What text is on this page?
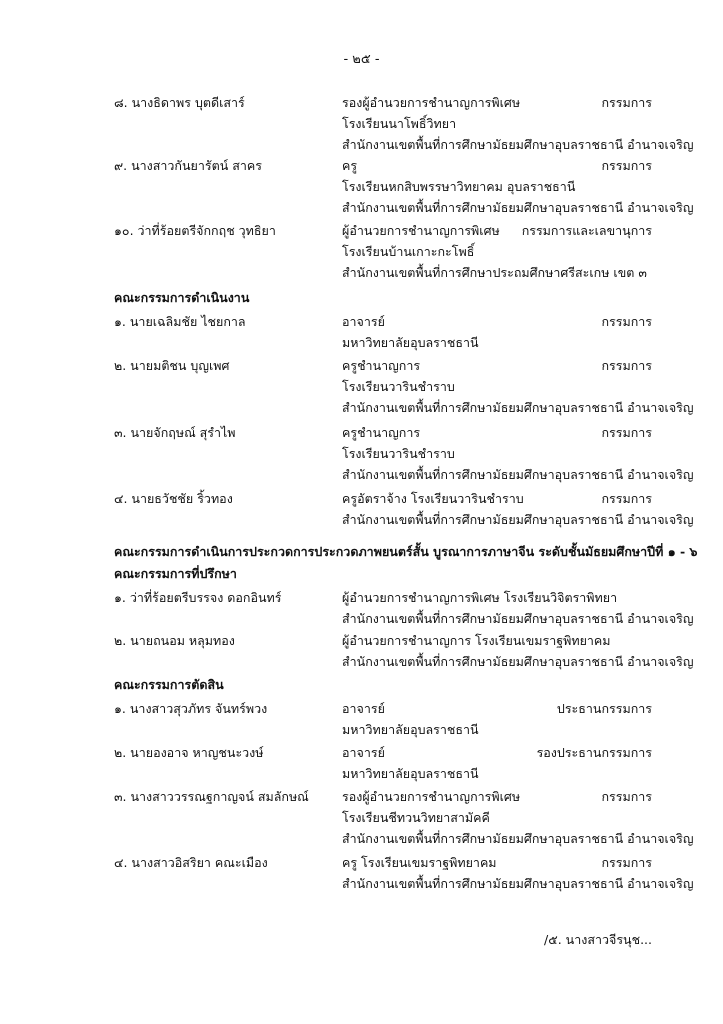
- ๒๕ -
๘. นางธิดาพร บุตดีเสาร์	รองผู้อำนวยการชำนาญการพิเศษ	กรรมการ
โรงเรียนนาโพธิ์วิทยา
สำนักงานเขตพื้นที่การศึกษามัธยมศึกษาอุบลราชธานี อำนาจเจริญ
๙. นางสาวกันยารัตน์ สาคร	ครู	กรรมการ
โรงเรียนหกสิบพรรษาวิทยาคม อุบลราชธานี
สำนักงานเขตพื้นที่การศึกษามัธยมศึกษาอุบลราชธานี อำนาจเจริญ
๑๐. ว่าที่ร้อยตรีจักกฤช วุทธิยา	ผู้อำนวยการชำนาญการพิเศษ	กรรมการและเลขานุการ
โรงเรียนบ้านเกาะกะโพธิ์
สำนักงานเขตพื้นที่การศึกษาประถมศึกษาศรีสะเกษ เขต ๓
คณะกรรมการดำเนินงาน
๑. นายเฉลิมชัย ไชยกาล	อาจารย์	กรรมการ
มหาวิทยาลัยอุบลราชธานี
๒. นายมติชน บุญเพศ	ครูชำนาญการ	กรรมการ
โรงเรียนวารินชำราบ
สำนักงานเขตพื้นที่การศึกษามัธยมศึกษาอุบลราชธานี อำนาจเจริญ
๓. นายจักฤษณ์ สุรำไพ	ครูชำนาญการ	กรรมการ
โรงเรียนวารินชำราบ
สำนักงานเขตพื้นที่การศึกษามัธยมศึกษาอุบลราชธานี อำนาจเจริญ
๔. นายธวัชชัย ริ้วทอง	ครูอัตราจ้าง โรงเรียนวารินชำราบ	กรรมการ
สำนักงานเขตพื้นที่การศึกษามัธยมศึกษาอุบลราชธานี อำนาจเจริญ
คณะกรรมการดำเนินการประกวดการประกวดภาพยนตร์สั้น บูรณาการภาษาจีน ระดับชั้นมัธยมศึกษาปีที่ ๑ - ๖
คณะกรรมการที่ปรึกษา
๑. ว่าที่ร้อยตรีบรรจง ดอกอินทร์	ผู้อำนวยการชำนาญการพิเศษ โรงเรียนวิจิตราพิทยา
สำนักงานเขตพื้นที่การศึกษามัธยมศึกษาอุบลราชธานี อำนาจเจริญ
๒. นายถนอม หลุมทอง	ผู้อำนวยการชำนาญการ โรงเรียนเขมราฐพิทยาคม
สำนักงานเขตพื้นที่การศึกษามัธยมศึกษาอุบลราชธานี อำนาจเจริญ
คณะกรรมการตัดสิน
๑. นางสาวสุวภัทร จันทร์พวง	อาจารย์	ประธานกรรมการ
มหาวิทยาลัยอุบลราชธานี
๒. นายองอาจ หาญชนะวงษ์	อาจารย์	รองประธานกรรมการ
มหาวิทยาลัยอุบลราชธานี
๓. นางสาววรรณฐกาญจน์ สมลักษณ์	รองผู้อำนวยการชำนาญการพิเศษ	กรรมการ
โรงเรียนชีทวนวิทยาสามัคคี
สำนักงานเขตพื้นที่การศึกษามัธยมศึกษาอุบลราชธานี อำนาจเจริญ
๔. นางสาวอิสริยา คณะเมือง	ครู โรงเรียนเขมราฐพิทยาคม	กรรมการ
สำนักงานเขตพื้นที่การศึกษามัธยมศึกษาอุบลราชธานี อำนาจเจริญ
/๕. นางสาวจีรนุช...
